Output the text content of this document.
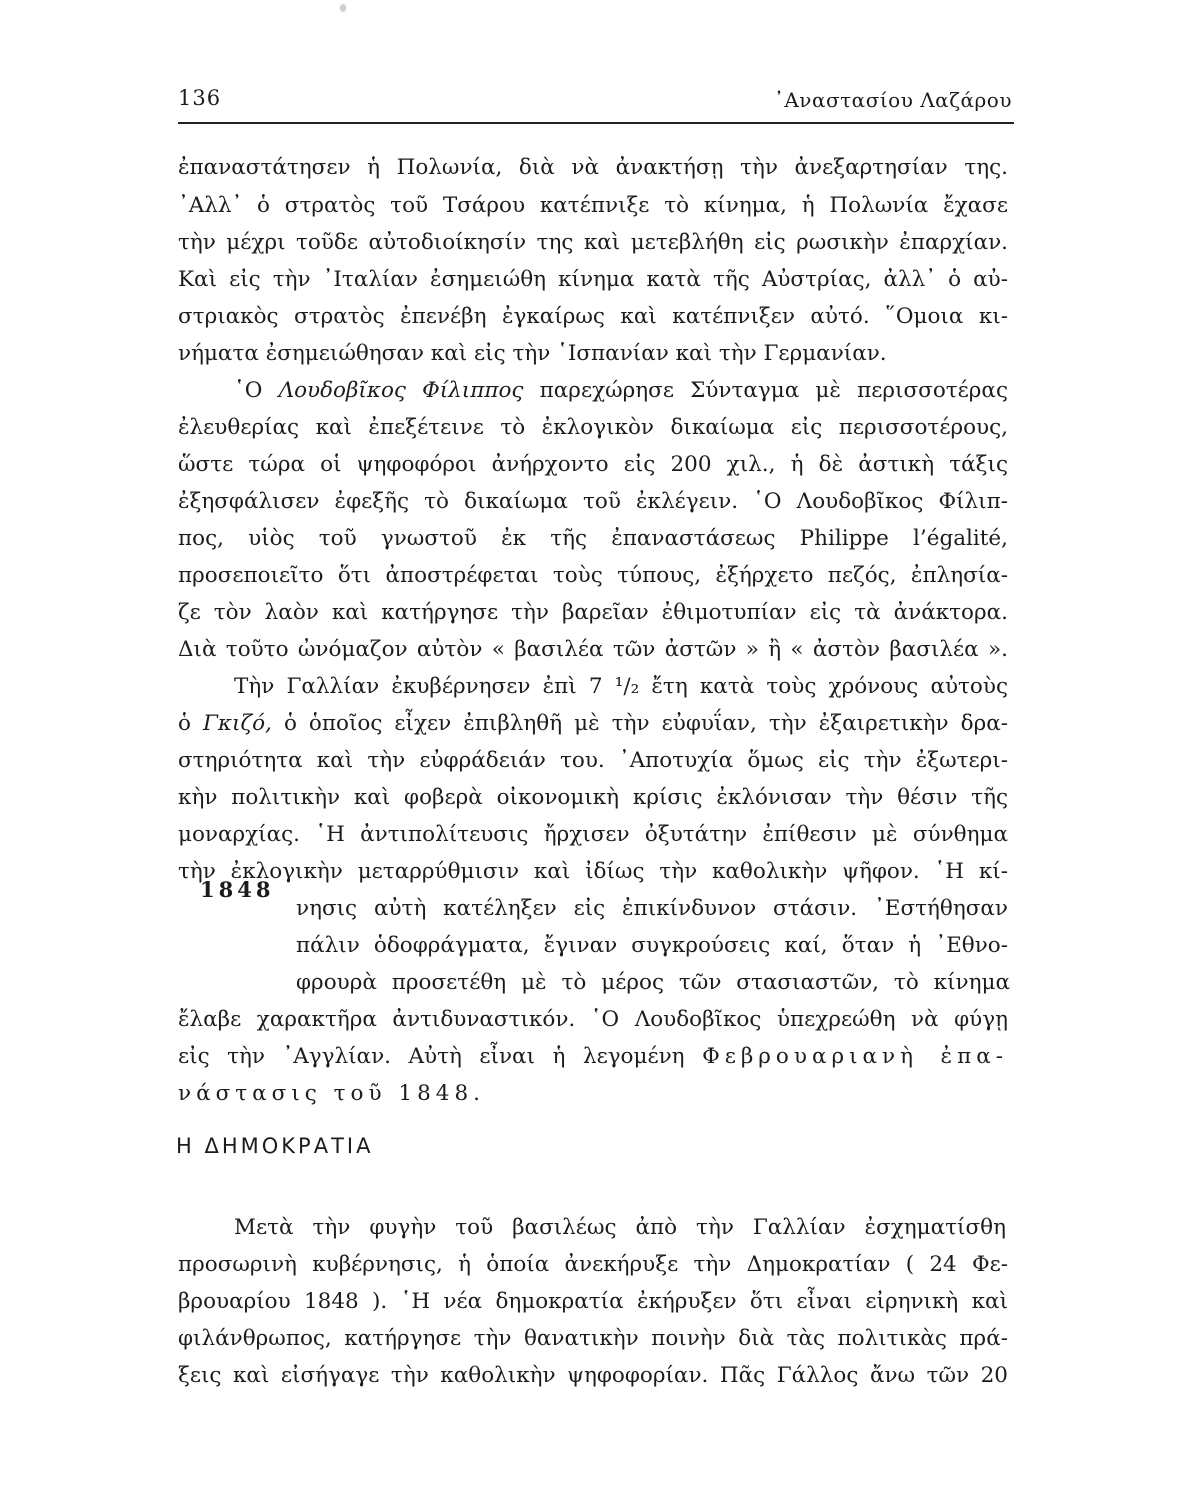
136	᾿Αναστασίου Λαζάρου
ἐπαναστάτησεν ἡ Πολωνία, διὰ νὰ ἀνακτήσῃ τὴν ἀνεξαρτησίαν της.
᾿Αλλ᾿ ὁ στρατὸς τοῦ Τσάρου κατέπνιξε τὸ κίνημα, ἡ Πολωνία ἔχασε
τὴν μέχρι τοῦδε αὐτοδιοίκησίν της καὶ μετεβλήθη εἰς ρωσικὴν ἐπαρχίαν.
Καὶ εἰς τὴν ᾿Ιταλίαν ἐσημειώθη κίνημα κατὰ τῆς Αὐστρίας, ἀλλ᾿ ὁ αὐ-
στριακὸς στρατὸς ἐπενέβη ἐγκαίρως καὶ κατέπνιξεν αὐτό. ῞Ομοια κι-
νήματα ἐσημειώθησαν καὶ εἰς τὴν ῾Ισπανίαν καὶ τὴν Γερμανίαν.
῾Ο Λουδοβῖκος Φίλιππος παρεχώρησε Σύνταγμα μὲ περισσοτέρας
ἐλευθερίας καὶ ἐπεξέτεινε τὸ ἐκλογικὸν δικαίωμα εἰς περισσοτέρους,
ὥστε τώρα οἱ ψηφοφόροι ἀνήρχοντο εἰς 200 χιλ., ἡ δὲ ἀστικὴ τάξις
ἐξησφάλισεν ἐφεξῆς τὸ δικαίωμα τοῦ ἐκλέγειν. ῾Ο Λουδοβῖκος Φίλιπ-
πος, υἱὸς τοῦ γνωστοῦ ἐκ τῆς ἐπαναστάσεως Philippe l’égalité,
προσεποιεῖτο ὅτι ἀποστρέφεται τοὺς τύπους, ἐξήρχετο πεζός, ἐπλησία-
ζε τὸν λαὸν καὶ κατήργησε τὴν βαρεῖαν ἐθιμοτυπίαν εἰς τὰ ἀνάκτορα.
Διὰ τοῦτο ὠνόμαζον αὐτὸν « βασιλέα τῶν ἀστῶν » ἢ « ἀστὸν βασιλέα ».
Τὴν Γαλλίαν ἐκυβέρνησεν ἐπὶ 7 ¹/₂ ἔτη κατὰ τοὺς χρόνους αὐτοὺς
ὁ Γκιζό, ὁ ὁποῖος εἶχεν ἐπιβληθῆ μὲ τὴν εὐφυΐαν, τὴν ἐξαιρετικὴν δρα-
στηριότητα καὶ τὴν εὐφράδειάν του. ᾿Αποτυχία ὅμως εἰς τὴν ἐξωτερι-
κὴν πολιτικὴν καὶ φοβερὰ οἰκονομικὴ κρίσις ἐκλόνισαν τὴν θέσιν τῆς
μοναρχίας. ῾Η ἀντιπολίτευσις ἤρχισεν ὀξυτάτην ἐπίθεσιν μὲ σύνθημα
τὴν ἐκλογικὴν μεταρρύθμισιν καὶ ἰδίως τὴν καθολικὴν ψῆφον. ῾Η κί-
1848
νησις αὐτὴ κατέληξεν εἰς ἐπικίνδυνον στάσιν. ᾿Εστήθησαν
πάλιν ὁδοφράγματα, ἔγιναν συγκρούσεις καί, ὅταν ἡ ᾿Εθνο-
φρουρὰ προσετέθη μὲ τὸ μέρος τῶν στασιαστῶν, τὸ κίνημα
ἔλαβε χαρακτῆρα ἀντιδυναστικόν. ῾Ο Λουδοβῖκος ὑπεχρεώθη νὰ φύγῃ
εἰς τὴν ᾿Αγγλίαν. Αὐτὴ εἶναι ἡ λεγομένη Φεβρουαριανὴ ἐπα-
νάστασις τοῦ 1848.
Η ΔΗΜΟΚΡΑΤΙΑ
Μετὰ τὴν φυγὴν τοῦ βασιλέως ἀπὸ τὴν Γαλλίαν ἐσχηματίσθη
προσωρινὴ κυβέρνησις, ἡ ὁποία ἀνεκήρυξε τὴν Δημοκρατίαν ( 24 Φε-
βρουαρίου 1848 ). ῾Η νέα δημοκρατία ἐκήρυξεν ὅτι εἶναι εἰρηνικὴ καὶ
φιλάνθρωπος, κατήργησε τὴν θανατικὴν ποινὴν διὰ τὰς πολιτικὰς πρά-
ξεις καὶ εἰσήγαγε τὴν καθολικὴν ψηφοφορίαν. Πᾶς Γάλλος ἄνω τῶν 20
